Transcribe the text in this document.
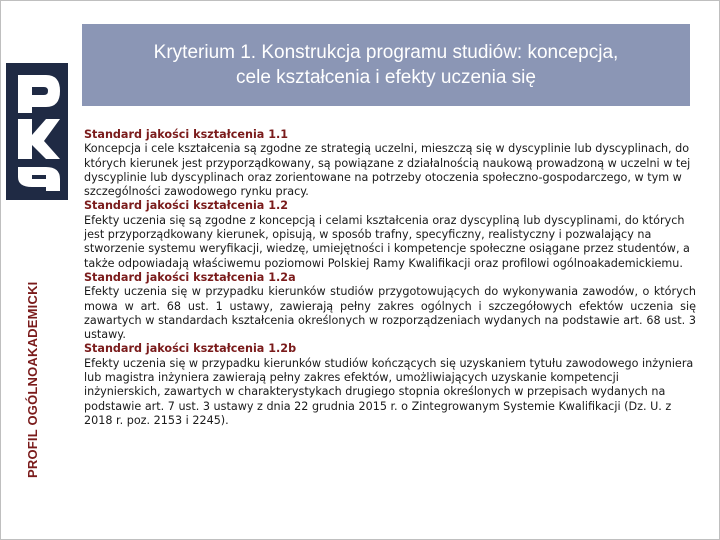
PROFIL OGÓLNOAKADEMICKI
Kryterium 1. Konstrukcja programu studiów: koncepcja,
cele kształcenia i efekty uczenia się

Standard jakości kształcenia 1.1

Koncepcja i cele kształcenia są zgodne ze strategią uczelni, mieszczą się w dyscyplinie lub dyscyplinach, do których kierunek jest przyporządkowany, są powiązane z działalnością naukową prowadzoną w uczelni w tej dyscyplinie lub dyscyplinach oraz zorientowane na potrzeby otoczenia społeczno-gospodarczego, w tym w szczególności zawodowego rynku pracy.

Standard jakości kształcenia 1.2

Efekty uczenia się są zgodne z koncepcją i celami kształcenia oraz dyscypliną lub dyscyplinami, do których jest przyporządkowany kierunek, opisują, w sposób trafny, specyficzny, realistyczny i pozwalający na stworzenie systemu weryfikacji, wiedzę, umiejętności i kompetencje społeczne osiągane przez studentów, a także odpowiadają właściwemu poziomowi Polskiej Ramy Kwalifikacji oraz profilowi ogólnoakademickiemu.

Standard jakości kształcenia 1.2a

Efekty uczenia się w przypadku kierunków studiów przygotowujących do wykonywania zawodów, o których mowa w art. 68 ust. 1 ustawy, zawierają pełny zakres ogólnych i szczegółowych efektów uczenia się zawartych w standardach kształcenia określonych w rozporządzeniach wydanych na podstawie art. 68 ust. 3 ustawy.

Standard jakości kształcenia 1.2b

Efekty uczenia się w przypadku kierunków studiów kończących się uzyskaniem tytułu zawodowego inżyniera lub magistra inżyniera zawierają pełny zakres efektów, umożliwiających uzyskanie kompetencji inżynierskich, zawartych w charakterystykach drugiego stopnia określonych w przepisach wydanych na podstawie art. 7 ust. 3 ustawy z dnia 22 grudnia 2015 r. o Zintegrowanym Systemie Kwalifikacji (Dz. U. z 2018 r. poz. 2153 i 2245).
